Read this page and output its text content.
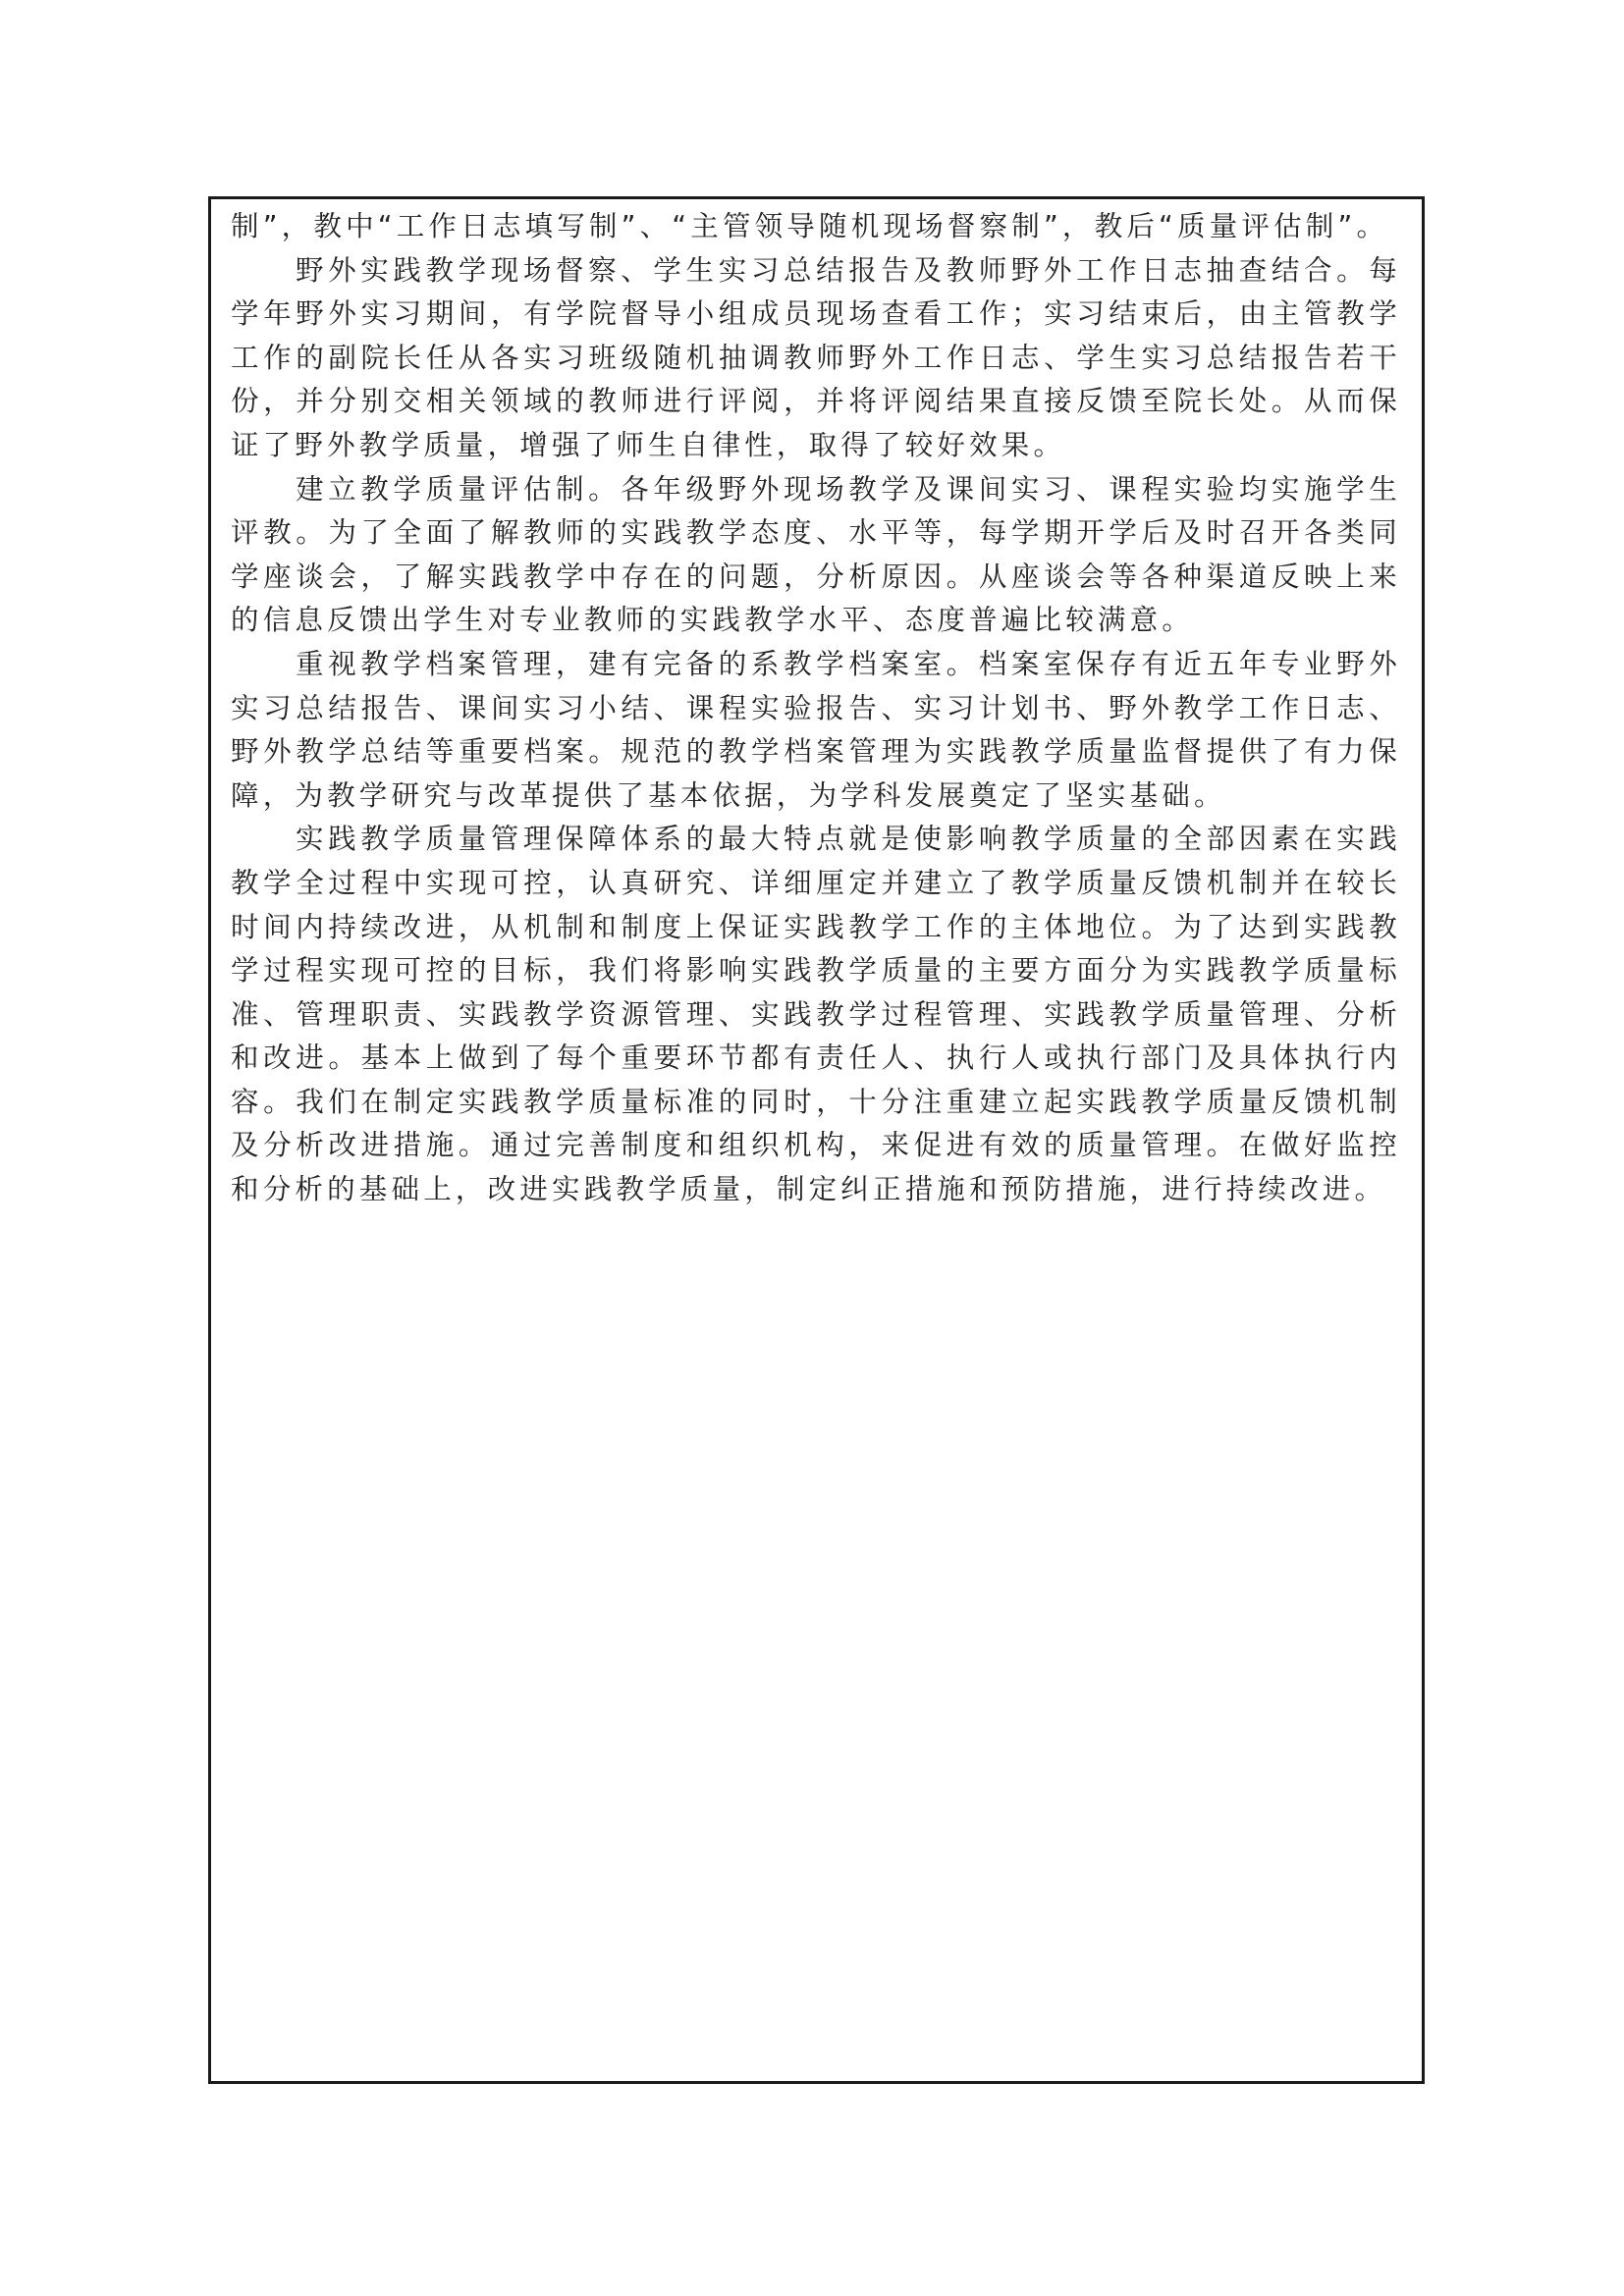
制”，教中“工作日志填写制”、“主管领导随机现场督察制”，教后“质量评估制”。

野外实践教学现场督察、学生实习总结报告及教师野外工作日志抽查结合。每学年野外实习期间，有学院督导小组成员现场查看工作；实习结束后，由主管教学工作的副院长任从各实习班级随机抽调教师野外工作日志、学生实习总结报告若干份，并分别交相关领域的教师进行评阅，并将评阅结果直接反馈至院长处。从而保证了野外教学质量，增强了师生自律性，取得了较好效果。

建立教学质量评估制。各年级野外现场教学及课间实习、课程实验均实施学生评教。为了全面了解教师的实践教学态度、水平等，每学期开学后及时召开各类同学座谈会，了解实践教学中存在的问题，分析原因。从座谈会等各种渠道反映上来的信息反馈出学生对专业教师的实践教学水平、态度普遍比较满意。

重视教学档案管理，建有完备的系教学档案室。档案室保存有近五年专业野外实习总结报告、课间实习小结、课程实验报告、实习计划书、野外教学工作日志、野外教学总结等重要档案。规范的教学档案管理为实践教学质量监督提供了有力保障，为教学研究与改革提供了基本依据，为学科发展奠定了坚实基础。

实践教学质量管理保障体系的最大特点就是使影响教学质量的全部因素在实践教学全过程中实现可控，认真研究、详细厘定并建立了教学质量反馈机制并在较长时间内持续改进，从机制和制度上保证实践教学工作的主体地位。为了达到实践教学过程实现可控的目标，我们将影响实践教学质量的主要方面分为实践教学质量标准、管理职责、实践教学资源管理、实践教学过程管理、实践教学质量管理、分析和改进。基本上做到了每个重要环节都有责任人、执行人或执行部门及具体执行内容。我们在制定实践教学质量标准的同时，十分注重建立起实践教学质量反馈机制及分析改进措施。通过完善制度和组织机构，来促进有效的质量管理。在做好监控和分析的基础上，改进实践教学质量，制定纠正措施和预防措施，进行持续改进。
